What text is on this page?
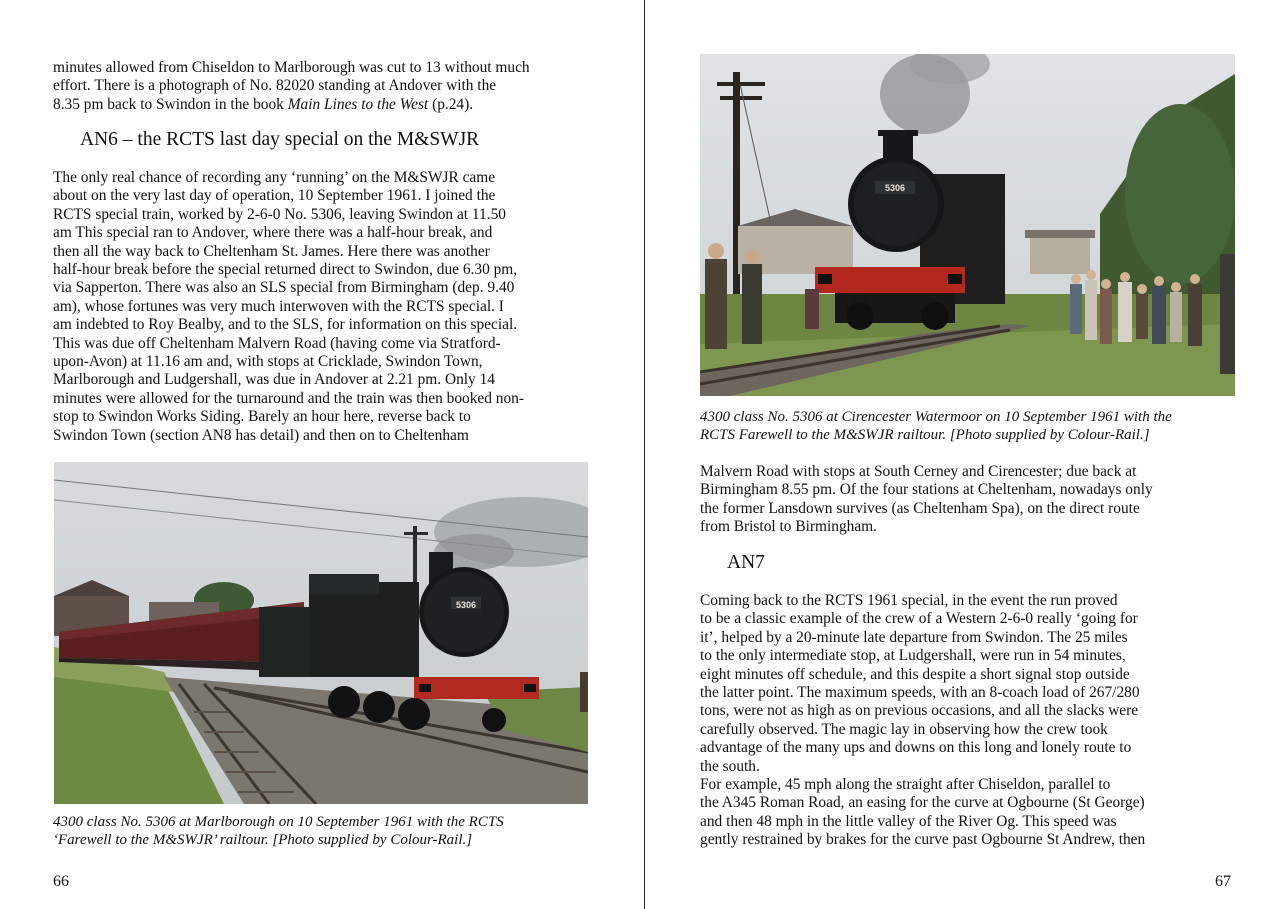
minutes allowed from Chiseldon to Marlborough was cut to 13 without much
effort. There is a photograph of No. 82020 standing at Andover with the
8.35 pm back to Swindon in the book Main Lines to the West (p.24).

AN6 – the RCTS last day special on the M&SWJR

The only real chance of recording any ‘running’ on the M&SWJR came
about on the very last day of operation, 10 September 1961. I joined the
RCTS special train, worked by 2-6-0 No. 5306, leaving Swindon at 11.50
am This special ran to Andover, where there was a half-hour break, and
then all the way back to Cheltenham St. James. Here there was another
half-hour break before the special returned direct to Swindon, due 6.30 pm,
via Sapperton. There was also an SLS special from Birmingham (dep. 9.40
am), whose fortunes was very much interwoven with the RCTS special. I
am indebted to Roy Bealby, and to the SLS, for information on this special.
This was due off Cheltenham Malvern Road (having come via Stratford-
upon-Avon) at 11.16 am and, with stops at Cricklade, Swindon Town,
Marlborough and Ludgershall, was due in Andover at 2.21 pm. Only 14
minutes were allowed for the turnaround and the train was then booked non-
stop to Swindon Works Siding. Barely an hour here, reverse back to
Swindon Town (section AN8 has detail) and then on to Cheltenham

5306

4300 class No. 5306 at Marlborough on 10 September 1961 with the RCTS
‘Farewell to the M&SWJR’ railtour. [Photo supplied by Colour-Rail.]

66

5306

4300 class No. 5306 at Cirencester Watermoor on 10 September 1961 with the
RCTS Farewell to the M&SWJR railtour. [Photo supplied by Colour-Rail.]

Malvern Road with stops at South Cerney and Cirencester; due back at
Birmingham 8.55 pm. Of the four stations at Cheltenham, nowadays only
the former Lansdown survives (as Cheltenham Spa), on the direct route
from Bristol to Birmingham.

AN7

Coming back to the RCTS 1961 special, in the event the run proved
to be a classic example of the crew of a Western 2-6-0 really ‘going for
it’, helped by a 20-minute late departure from Swindon. The 25 miles
to the only intermediate stop, at Ludgershall, were run in 54 minutes,
eight minutes off schedule, and this despite a short signal stop outside
the latter point. The maximum speeds, with an 8-coach load of 267/280
tons, were not as high as on previous occasions, and all the slacks were
carefully observed. The magic lay in observing how the crew took
advantage of the many ups and downs on this long and lonely route to
the south.

For example, 45 mph along the straight after Chiseldon, parallel to
the A345 Roman Road, an easing for the curve at Ogbourne (St George)
and then 48 mph in the little valley of the River Og. This speed was
gently restrained by brakes for the curve past Ogbourne St Andrew, then

67
